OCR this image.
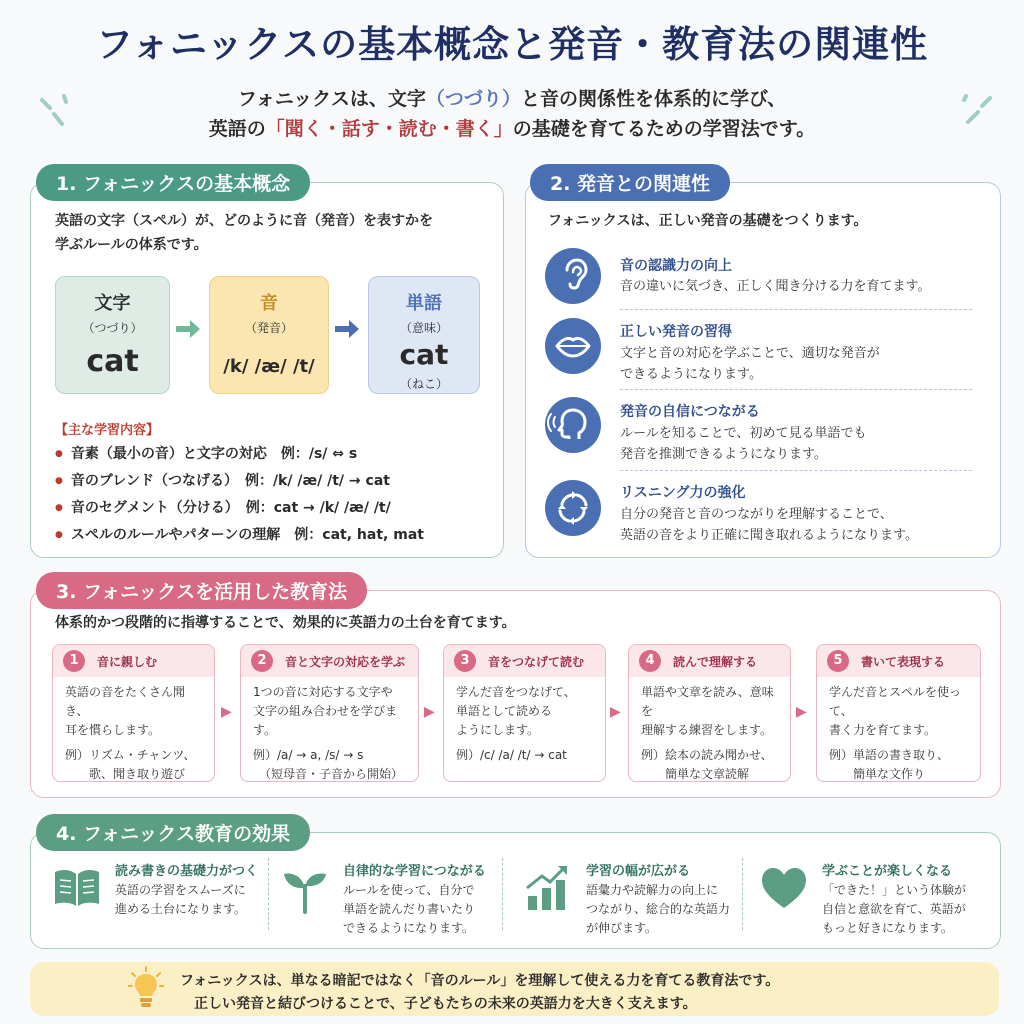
フォニックスの基本概念と発音・教育法の関連性
フォニックスは、文字（つづり）と音の関係性を体系的に学び、
英語の「聞く・話す・読む・書く」の基礎を育てるための学習法です。
1. フォニックスの基本概念
英語の文字（スペル）が、どのように音（発音）を表すかを
学ぶルールの体系です。
文字
（つづり）
cat
音
（発音）
/k/ /æ/ /t/
単語
（意味）
cat
（ねこ）
【主な学習内容】
● 音素（最小の音）と文字の対応　例：/s/ ⇔ s
● 音のブレンド（つなげる）　例：/k/ /æ/ /t/ → cat
● 音のセグメント（分ける）　例：cat → /k/ /æ/ /t/
● スペルのルールやパターンの理解　例：cat, hat, mat
2. 発音との関連性
フォニックスは、正しい発音の基礎をつくります。
音の認識力の向上
音の違いに気づき、正しく聞き分ける力を育てます。
正しい発音の習得
文字と音の対応を学ぶことで、適切な発音が
できるようになります。
発音の自信につながる
ルールを知ることで、初めて見る単語でも
発音を推測できるようになります。
リスニング力の強化
自分の発音と音のつながりを理解することで、
英語の音をより正確に聞き取れるようになります。
3. フォニックスを活用した教育法
体系的かつ段階的に指導することで、効果的に英語力の土台を育てます。
1	音に親しむ
英語の音をたくさん聞き、
耳を慣らします。
例）リズム・チャンツ、
　　歌、聞き取り遊び
▶
2	音と文字の対応を学ぶ
1つの音に対応する文字や
文字の組み合わせを学びます。
例）/a/ → a, /s/ → s
　（短母音・子音から開始）
▶
3	音をつなげて読む
学んだ音をつなげて、
単語として読める
ようにします。
例）/c/ /a/ /t/ → cat
▶
4	読んで理解する
単語や文章を読み、意味を
理解する練習をします。
例）絵本の読み聞かせ、
　　簡単な文章読解
▶
5	書いて表現する
学んだ音とスペルを使って、
書く力を育てます。
例）単語の書き取り、
　　簡単な文作り
4. フォニックス教育の効果
読み書きの基礎力がつく
英語の学習をスムーズに
進める土台になります。
自律的な学習につながる
ルールを使って、自分で
単語を読んだり書いたり
できるようになります。
学習の幅が広がる
語彙力や読解力の向上に
つながり、総合的な英語力
が伸びます。
学ぶことが楽しくなる
「できた！」という体験が
自信と意欲を育て、英語が
もっと好きになります。
フォニックスは、単なる暗記ではなく「音のルール」を理解して使える力を育てる教育法です。
正しい発音と結びつけることで、子どもたちの未来の英語力を大きく支えます。
